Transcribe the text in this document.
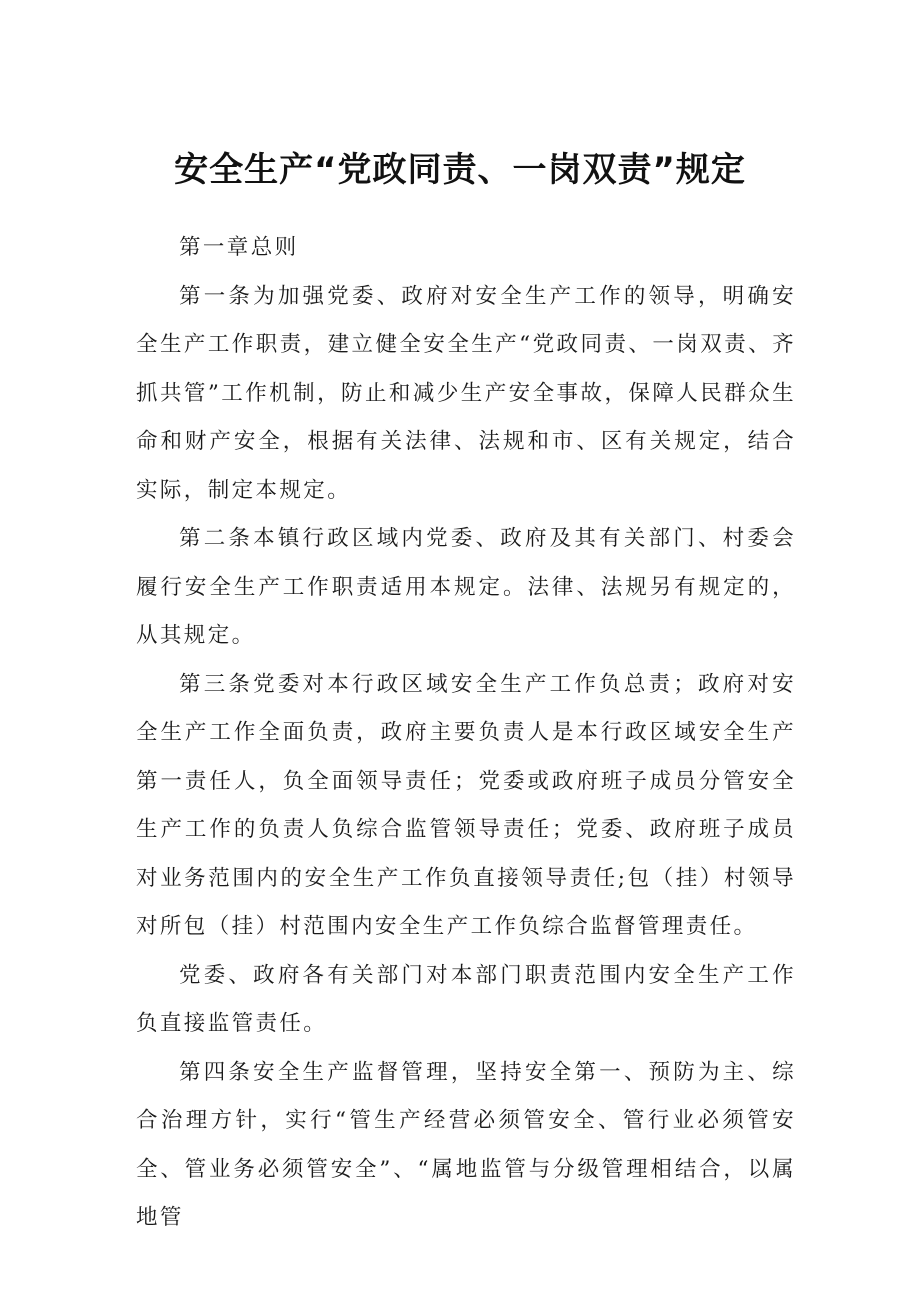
安全生产“党政同责、一岗双责”规定

第一章总则

第一条为加强党委、政府对安全生产工作的领导，明确安全生产工作职责，建立健全安全生产“党政同责、一岗双责、齐抓共管”工作机制，防止和减少生产安全事故，保障人民群众生命和财产安全，根据有关法律、法规和市、区有关规定，结合实际，制定本规定。

第二条本镇行政区域内党委、政府及其有关部门、村委会履行安全生产工作职责适用本规定。法律、法规另有规定的，从其规定。

第三条党委对本行政区域安全生产工作负总责；政府对安全生产工作全面负责，政府主要负责人是本行政区域安全生产第一责任人，负全面领导责任；党委或政府班子成员分管安全生产工作的负责人负综合监管领导责任；党委、政府班子成员对业务范围内的安全生产工作负直接领导责任;包（挂）村领导对所包（挂）村范围内安全生产工作负综合监督管理责任。

党委、政府各有关部门对本部门职责范围内安全生产工作负直接监管责任。

第四条安全生产监督管理，坚持安全第一、预防为主、综合治理方针，实行“管生产经营必须管安全、管行业必须管安全、管业务必须管安全”、“属地监管与分级管理相结合，以属地管
